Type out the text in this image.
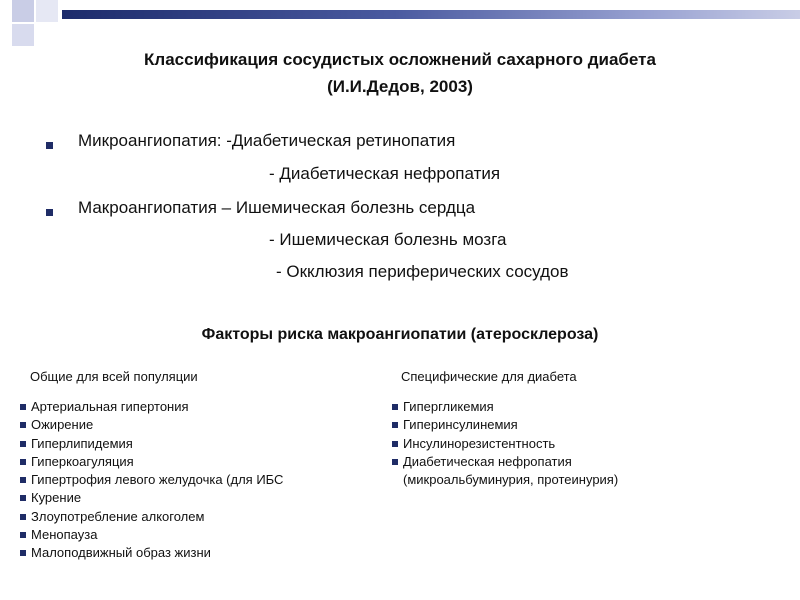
Классификация сосудистых осложнений сахарного диабета
(И.И.Дедов, 2003)
Микроангиопатия: -Диабетическая ретинопатия
- Диабетическая нефропатия
Макроангиопатия – Ишемическая болезнь сердца
- Ишемическая болезнь мозга
- Окклюзия периферических сосудов
Факторы риска макроангиопатии (атеросклероза)
Общие для всей популяции	Специфические для диабета
Артериальная гипертония
Ожирение
Гиперлипидемия
Гиперкоагуляция
Гипертрофия левого желудочка (для ИБС
Курение
Злоупотребление алкоголем
Менопауза
Малоподвижный образ жизни
Гипергликемия
Гиперинсулинемия
Инсулинорезистентность
Диабетическая нефропатия
(микроальбуминурия, протеинурия)
